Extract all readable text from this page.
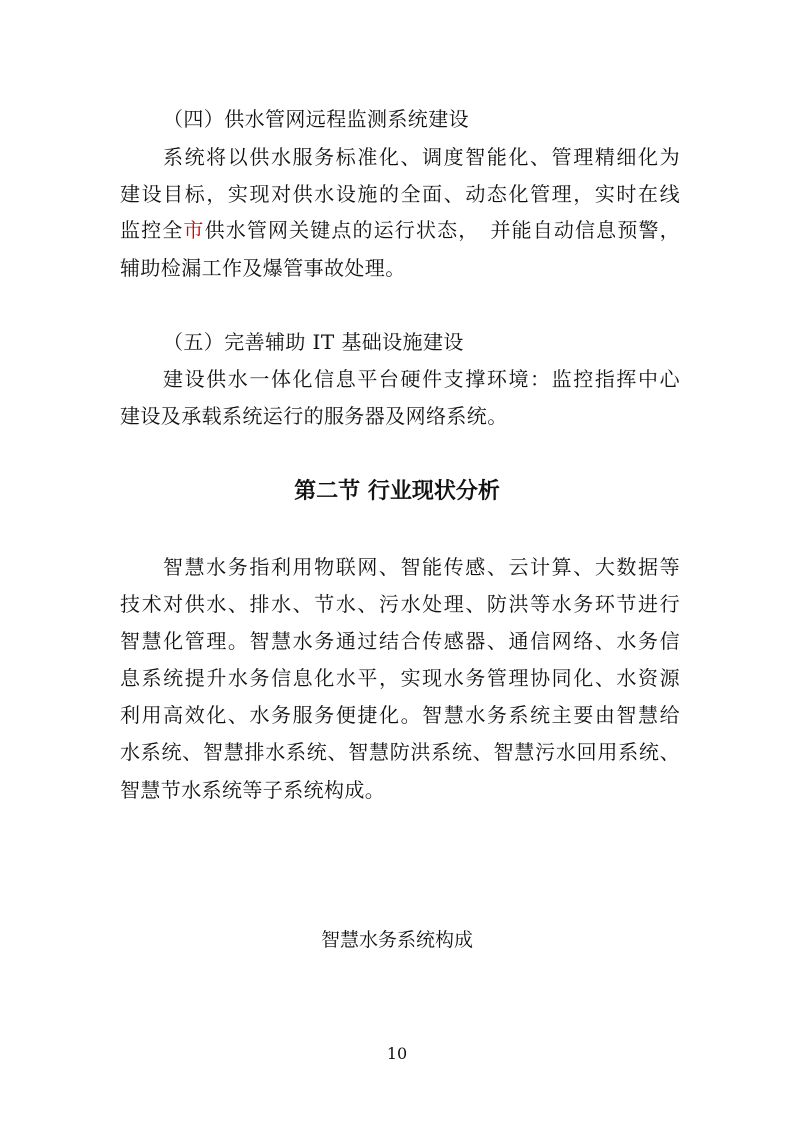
（四）供水管网远程监测系统建设
系统将以供水服务标准化、调度智能化、管理精细化为
建设目标，实现对供水设施的全面、动态化管理，实时在线
监控全市供水管网关键点的运行状态，　并能自动信息预警，
辅助检漏工作及爆管事故处理。
（五）完善辅助 IT 基础设施建设
建设供水一体化信息平台硬件支撑环境：监控指挥中心
建设及承载系统运行的服务器及网络系统。
第二节 行业现状分析
智慧水务指利用物联网、智能传感、云计算、大数据等
技术对供水、排水、节水、污水处理、防洪等水务环节进行
智慧化管理。智慧水务通过结合传感器、通信网络、水务信
息系统提升水务信息化水平，实现水务管理协同化、水资源
利用高效化、水务服务便捷化。智慧水务系统主要由智慧给
水系统、智慧排水系统、智慧防洪系统、智慧污水回用系统、
智慧节水系统等子系统构成。
智慧水务系统构成
10
